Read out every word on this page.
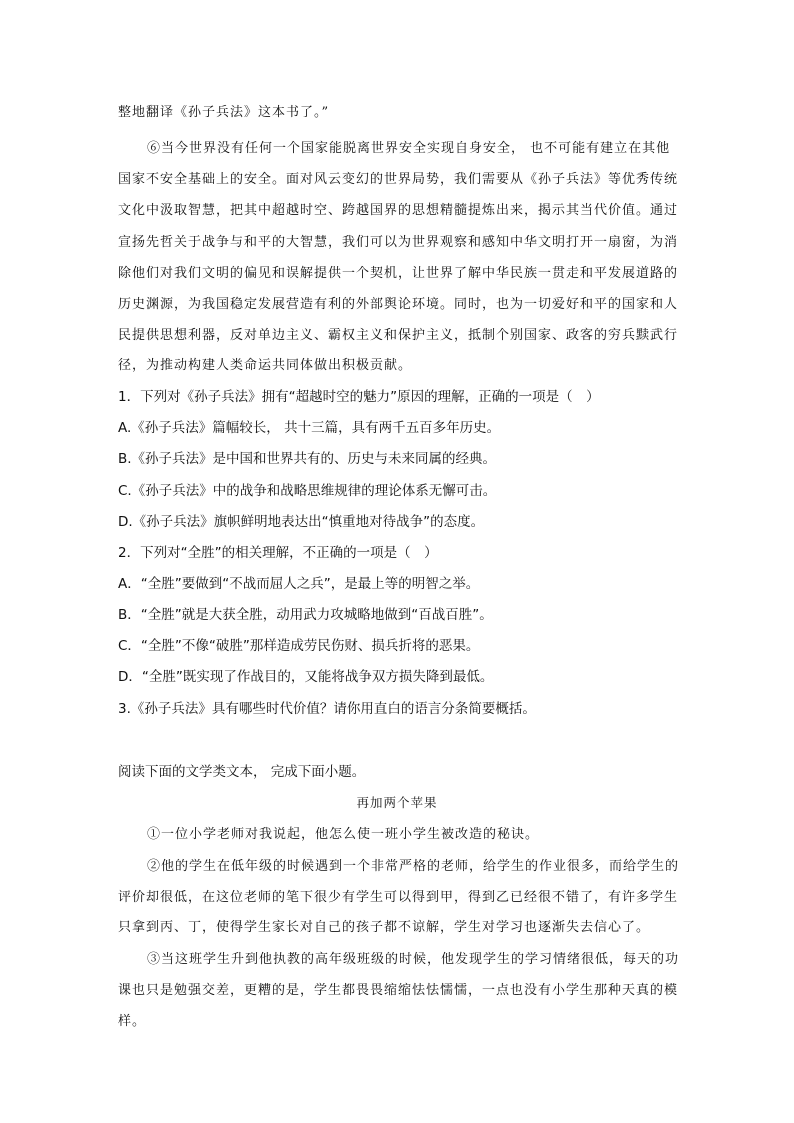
整地翻译《孙子兵法》这本书了。”
⑥当今世界没有任何一个国家能脱离世界安全实现自身安全， 也不可能有建立在其他
国家不安全基础上的安全。面对风云变幻的世界局势，我们需要从《孙子兵法》等优秀传统
文化中汲取智慧，把其中超越时空、跨越国界的思想精髓提炼出来，揭示其当代价值。通过
宣扬先哲关于战争与和平的大智慧，我们可以为世界观察和感知中华文明打开一扇窗，为消
除他们对我们文明的偏见和误解提供一个契机，让世界了解中华民族一贯走和平发展道路的
历史渊源，为我国稳定发展营造有利的外部舆论环境。同时，也为一切爱好和平的国家和人
民提供思想利器，反对单边主义、霸权主义和保护主义，抵制个别国家、政客的穷兵黩武行
径，为推动构建人类命运共同体做出积极贡献。
1．下列对《孙子兵法》拥有“超越时空的魅力”原因的理解，正确的一项是（　）
A.《孙子兵法》篇幅较长， 共十三篇，具有两千五百多年历史。
B.《孙子兵法》是中国和世界共有的、历史与未来同属的经典。
C.《孙子兵法》中的战争和战略思维规律的理论体系无懈可击。
D.《孙子兵法》旗帜鲜明地表达出“慎重地对待战争”的态度。
2．下列对“全胜”的相关理解，不正确的一项是（　）
A．“全胜”要做到“不战而屈人之兵”，是最上等的明智之举。
B．“全胜”就是大获全胜，动用武力攻城略地做到“百战百胜”。
C．“全胜”不像“破胜”那样造成劳民伤财、损兵折将的恶果。
D．“全胜”既实现了作战目的，又能将战争双方损失降到最低。
3.《孙子兵法》具有哪些时代价值？请你用直白的语言分条简要概括。
阅读下面的文学类文本， 完成下面小题。
再加两个苹果
①一位小学老师对我说起，他怎么使一班小学生被改造的秘诀。
②他的学生在低年级的时候遇到一个非常严格的老师，给学生的作业很多，而给学生的
评价却很低，在这位老师的笔下很少有学生可以得到甲，得到乙已经很不错了，有许多学生
只拿到丙、丁，使得学生家长对自己的孩子都不谅解，学生对学习也逐渐失去信心了。
③当这班学生升到他执教的高年级班级的时候，他发现学生的学习情绪很低，每天的功
课也只是勉强交差，更糟的是，学生都畏畏缩缩怯怯懦懦，一点也没有小学生那种天真的模
样。
